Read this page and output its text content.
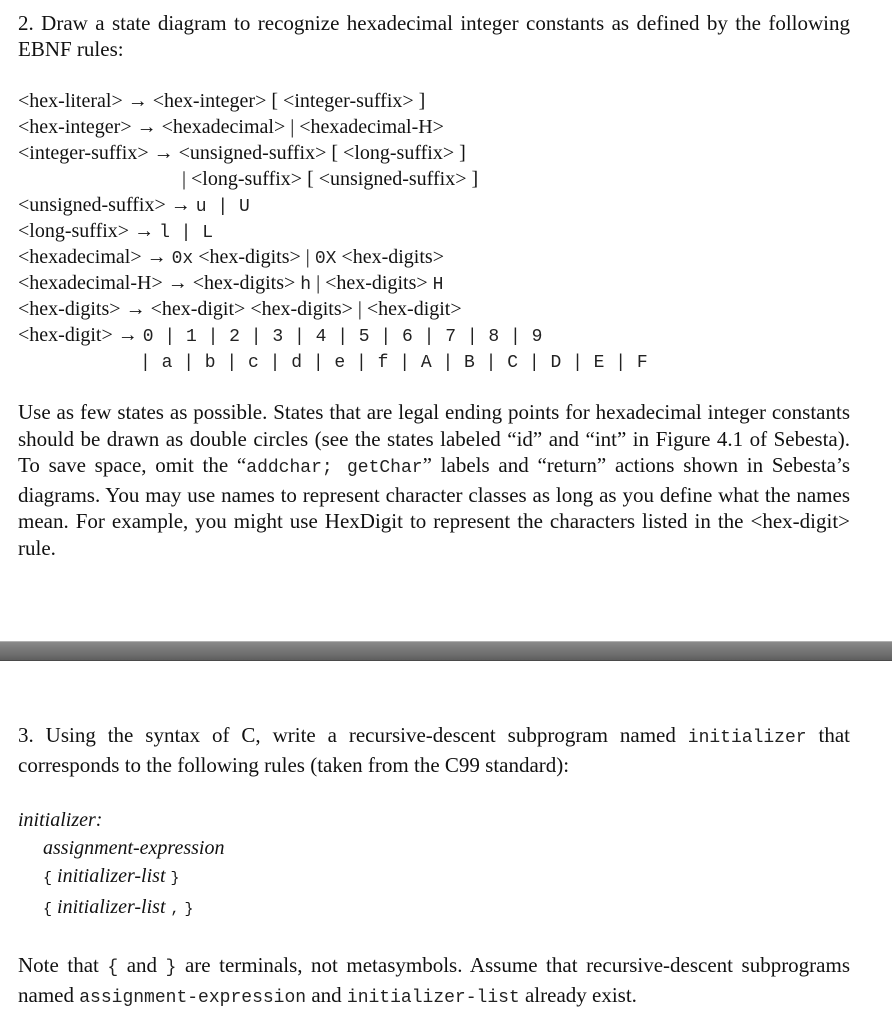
2. Draw a state diagram to recognize hexadecimal integer constants as defined by the following EBNF rules:
<hex-literal> → <hex-integer> [ <integer-suffix> ]
<hex-integer> → <hexadecimal> | <hexadecimal-H>
<integer-suffix> → <unsigned-suffix> [ <long-suffix> ]
| <long-suffix> [ <unsigned-suffix> ]
<unsigned-suffix> → u | U
<long-suffix> → l | L
<hexadecimal> → 0x <hex-digits> | 0X <hex-digits>
<hexadecimal-H> → <hex-digits> h | <hex-digits> H
<hex-digits> → <hex-digit> <hex-digits> | <hex-digit>
<hex-digit> → 0 | 1 | 2 | 3 | 4 | 5 | 6 | 7 | 8 | 9
| a | b | c | d | e | f | A | B | C | D | E | F
Use as few states as possible. States that are legal ending points for hexadecimal integer constants should be drawn as double circles (see the states labeled “id” and “int” in Figure 4.1 of Sebesta). To save space, omit the “addchar; getChar” labels and “return” actions shown in Sebesta’s diagrams. You may use names to represent character classes as long as you define what the names mean. For example, you might use HexDigit to represent the characters listed in the <hex-digit> rule.
3. Using the syntax of C, write a recursive-descent subprogram named initializer that corresponds to the following rules (taken from the C99 standard):
initializer:
assignment-expression
{ initializer-list }
{ initializer-list , }
Note that { and } are terminals, not metasymbols. Assume that recursive-descent subprograms named assignment-expression and initializer-list already exist.
